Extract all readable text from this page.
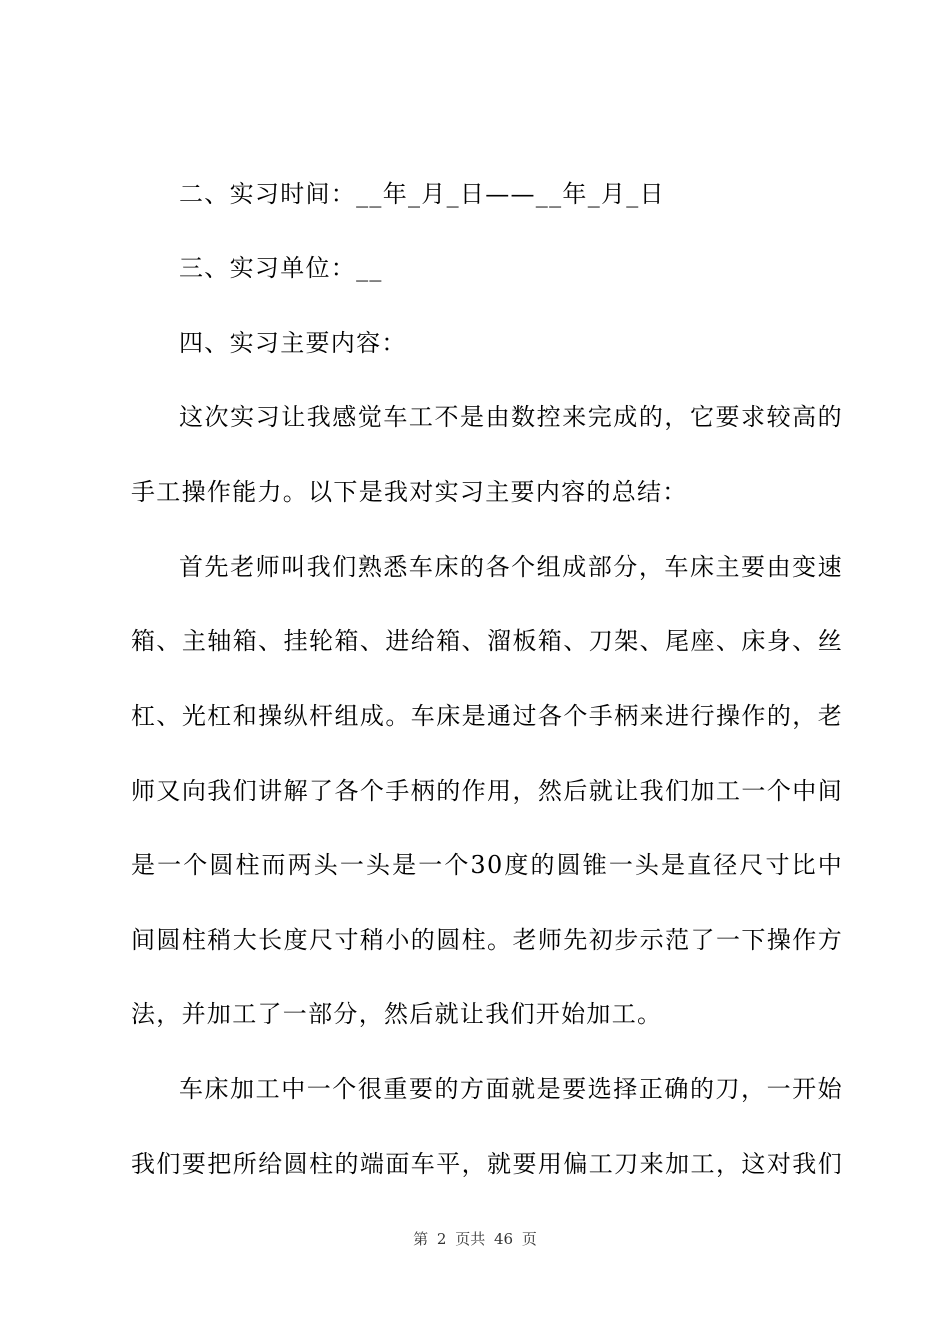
二、实习时间：__年_月_日——__年_月_日
三、实习单位：__
四、实习主要内容：
这次实习让我感觉车工不是由数控来完成的，它要求较高的
手工操作能力。以下是我对实习主要内容的总结：
首先老师叫我们熟悉车床的各个组成部分，车床主要由变速
箱、主轴箱、挂轮箱、进给箱、溜板箱、刀架、尾座、床身、丝
杠、光杠和操纵杆组成。车床是通过各个手柄来进行操作的，老
师又向我们讲解了各个手柄的作用，然后就让我们加工一个中间
是一个圆柱而两头一头是一个30度的圆锥一头是直径尺寸比中
间圆柱稍大长度尺寸稍小的圆柱。老师先初步示范了一下操作方
法，并加工了一部分，然后就让我们开始加工。
车床加工中一个很重要的方面就是要选择正确的刀，一开始
我们要把所给圆柱的端面车平，就要用偏工刀来加工，这对我们
第 2 页共 46 页
